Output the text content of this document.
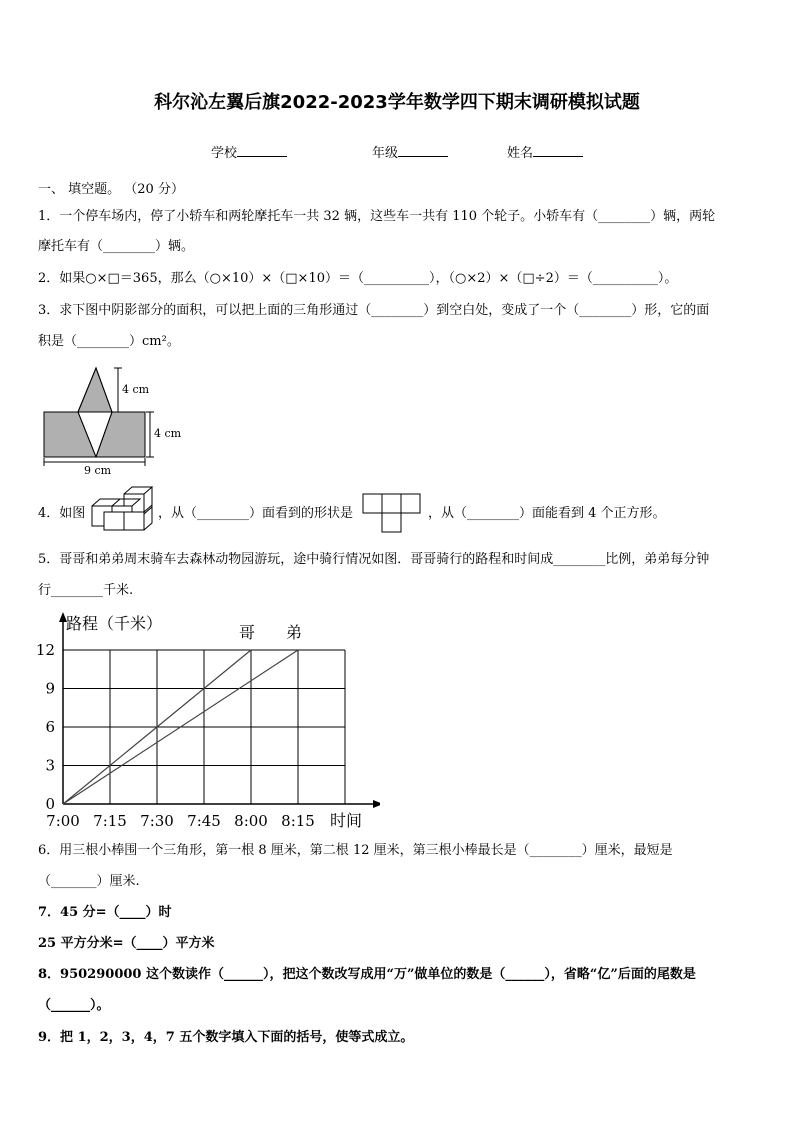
科尔沁左翼后旗2022-2023学年数学四下期末调研模拟试题
学校	年级	姓名
一、 填空题。 （20 分）
1．一个停车场内，停了小轿车和两轮摩托车一共 32 辆，这些车一共有 110 个轮子。小轿车有（________）辆，两轮
摩托车有（________）辆。
2．如果○×□＝365，那么（○×10）×（□×10）＝（__________），（○×2）×（□÷2）＝（__________）。
3．求下图中阴影部分的面积，可以把上面的三角形通过（________）到空白处，变成了一个（________）形，它的面
积是（________）cm²。
4 cm
4 cm
9 cm
4．如图	，从（________）面看到的形状是	，从（________）面能看到 4 个正方形。
5．哥哥和弟弟周末骑车去森林动物园游玩，途中骑行情况如图．哥哥骑行的路程和时间成________比例，弟弟每分钟
行________千米.
路程（千米）
时间
7:00 7:15 7:30 7:45 8:00 8:15
0
3
6
9
12
哥 弟
6．用三根小棒围一个三角形，第一根 8 厘米，第二根 12 厘米，第三根小棒最长是（________）厘米，最短是
（_______）厘米.
7．45 分=（____）时
25 平方分米=（____）平方米
8．950290000 这个数读作（______），把这个数改写成用“万”做单位的数是（______），省略“亿”后面的尾数是
（______）。
9．把 1，2，3，4，7 五个数字填入下面的括号，使等式成立。
